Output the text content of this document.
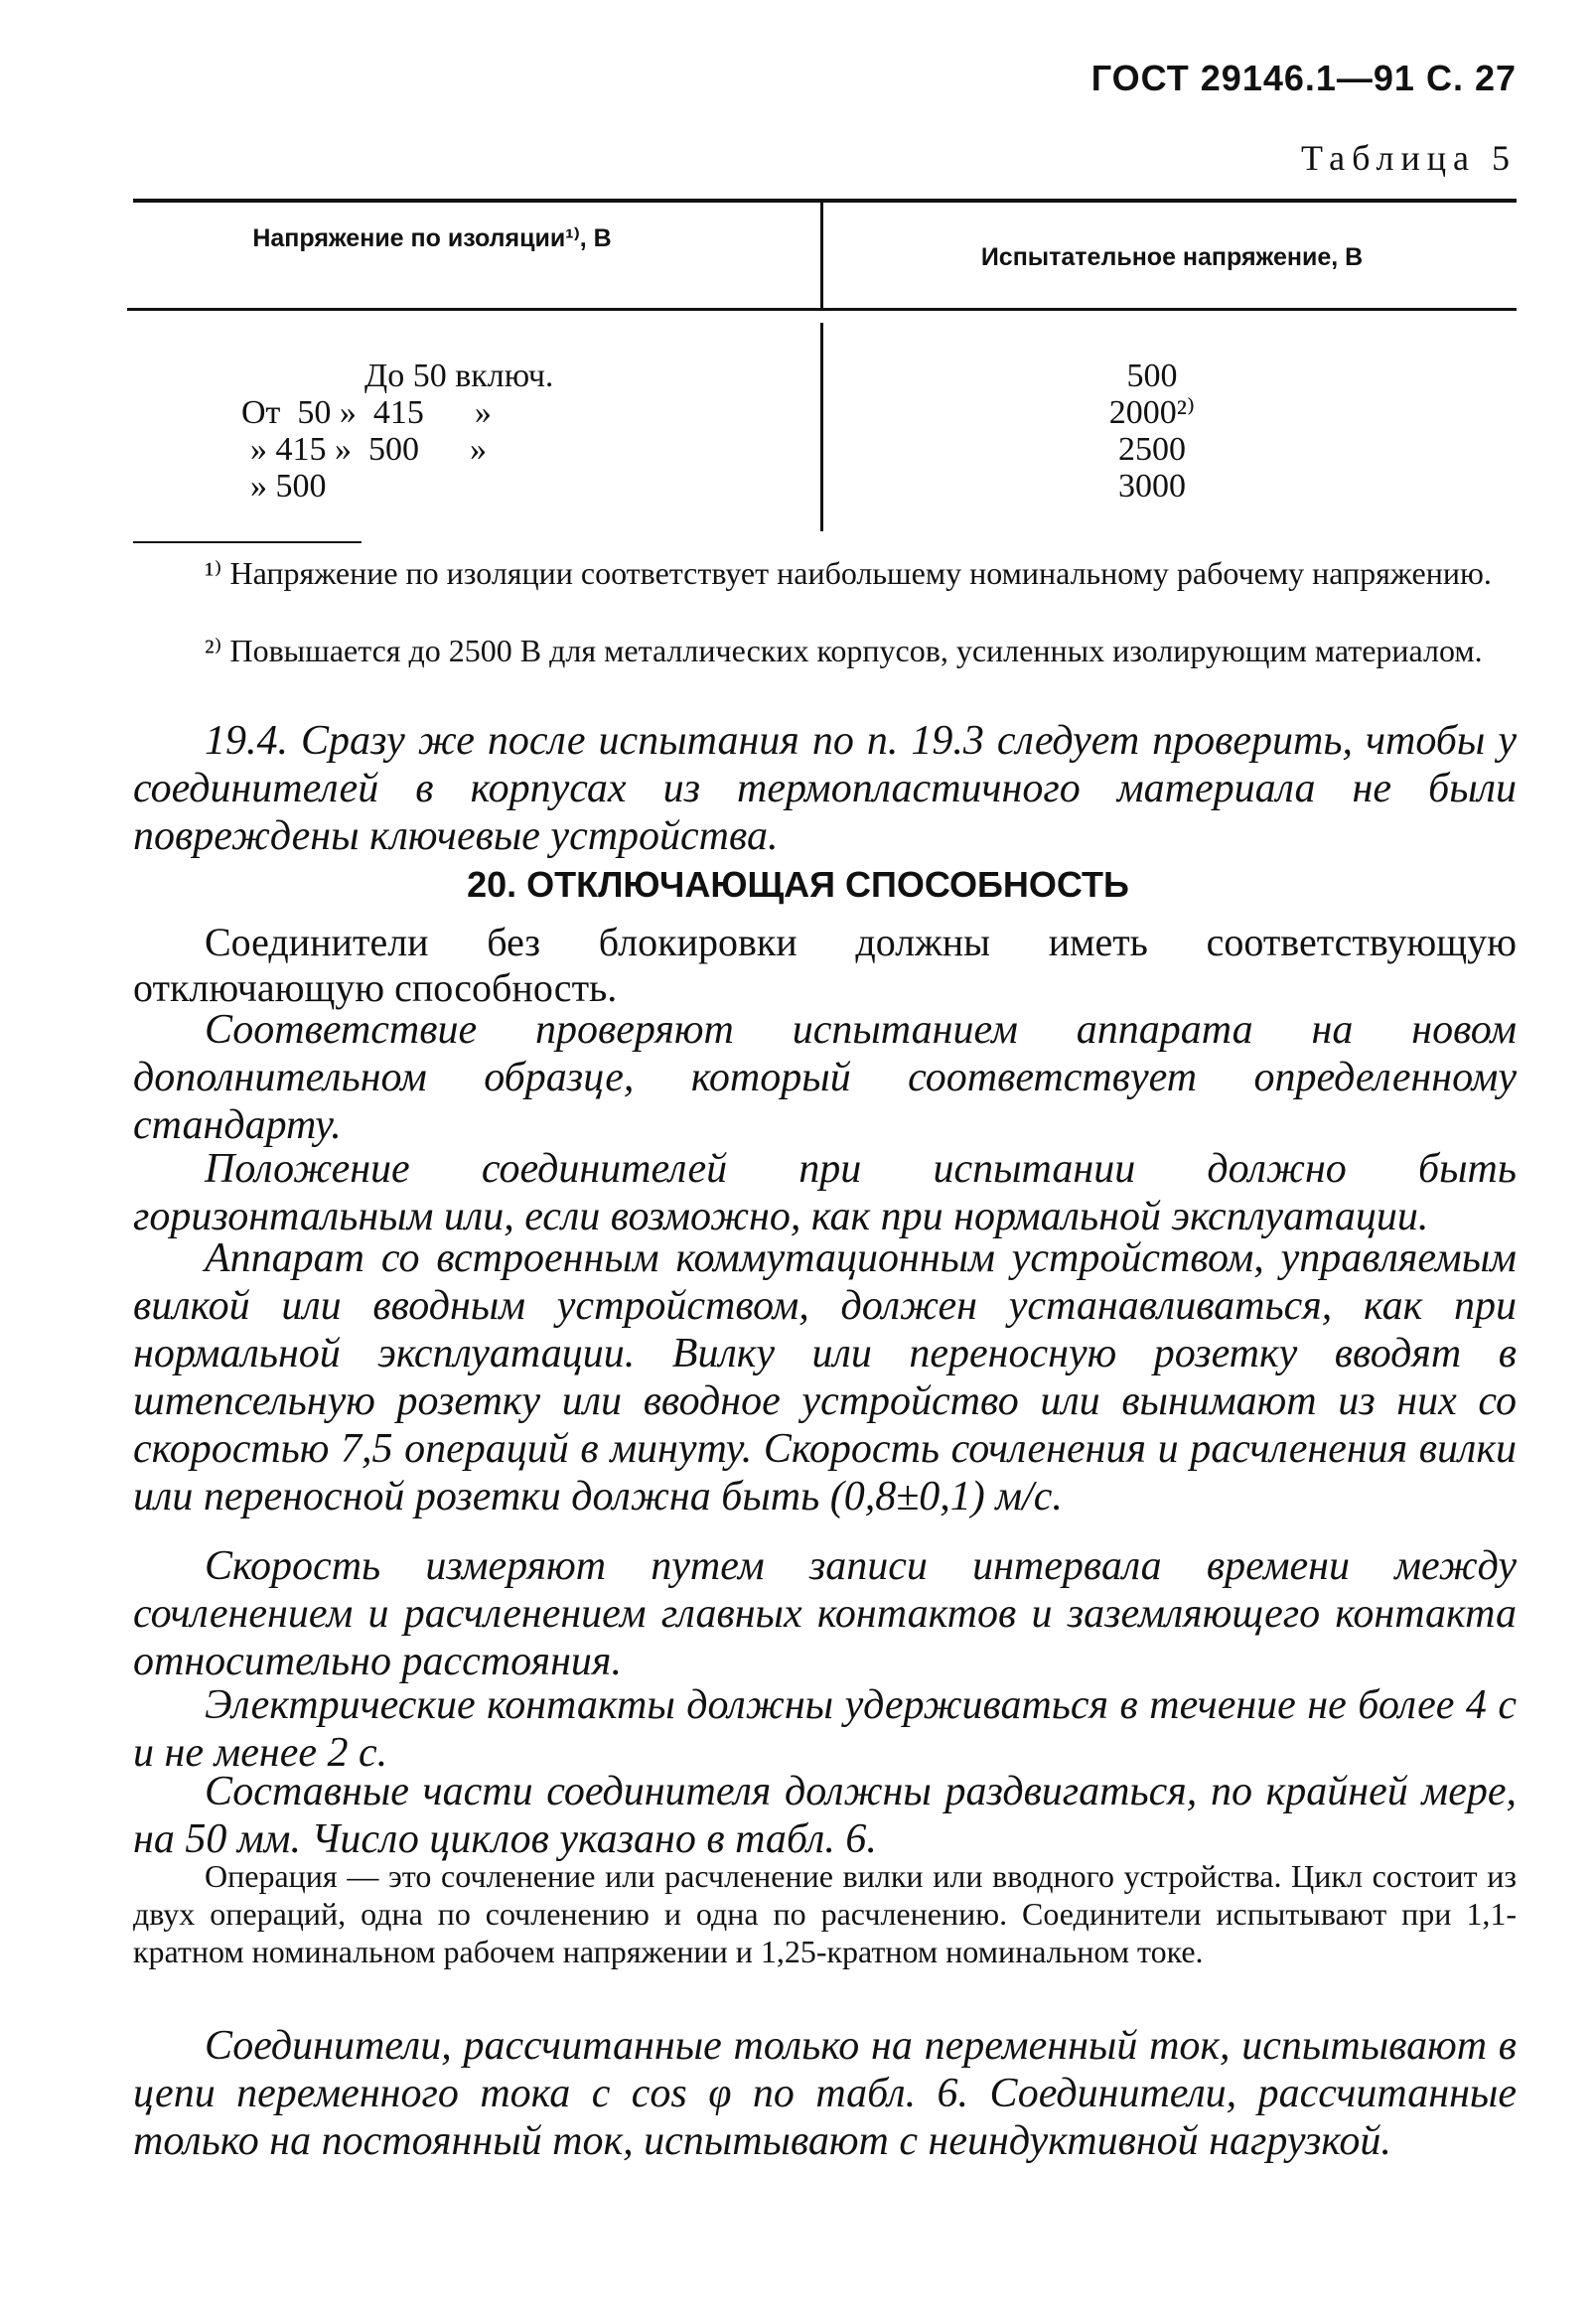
ГОСТ 29146.1—91 С. 27
Таблица 5
Напряжение по изоляции¹⁾, В
Испытательное напряжение, В
До 50 включ.
От  50 »  415      »
» 415 »  500      »
» 500
500
2000²⁾
2500
3000
¹⁾ Напряжение по изоляции соответствует наибольшему номинальному рабочему напряжению.
²⁾ Повышается до 2500 В для металлических корпусов, усиленных изолирующим материалом.
19.4. Сразу же после испытания по п. 19.3 следует проверить, чтобы у соединителей в корпусах из термопластичного материала не были повреждены ключевые устройства.
20. ОТКЛЮЧАЮЩАЯ СПОСОБНОСТЬ
Соединители без блокировки должны иметь соответствующую отключающую способность.
Соответствие проверяют испытанием аппарата на новом дополнительном образце, который соответствует определенному стандарту.
Положение соединителей при испытании должно быть горизонтальным или, если возможно, как при нормальной эксплуатации.
Аппарат со встроенным коммутационным устройством, управляемым вилкой или вводным устройством, должен устанавливаться, как при нормальной эксплуатации. Вилку или переносную розетку вводят в штепсельную розетку или вводное устройство или вынимают из них со скоростью 7,5 операций в минуту. Скорость сочленения и расчленения вилки или переносной розетки должна быть (0,8±0,1) м/с.
Скорость измеряют путем записи интервала времени между сочленением и расчленением главных контактов и заземляющего контакта относительно расстояния.
Электрические контакты должны удерживаться в течение не более 4 с и не менее 2 с.
Составные части соединителя должны раздвигаться, по крайней мере, на 50 мм. Число циклов указано в табл. 6.
Операция — это сочленение или расчленение вилки или вводного устройства. Цикл состоит из двух операций, одна по сочленению и одна по расчленению. Соединители испытывают при 1,1-кратном номинальном рабочем напряжении и 1,25-кратном номинальном токе.
Соединители, рассчитанные только на переменный ток, испытывают в цепи переменного тока с cos φ по табл. 6. Соединители, рассчитанные только на постоянный ток, испытывают с неиндуктивной нагрузкой.
